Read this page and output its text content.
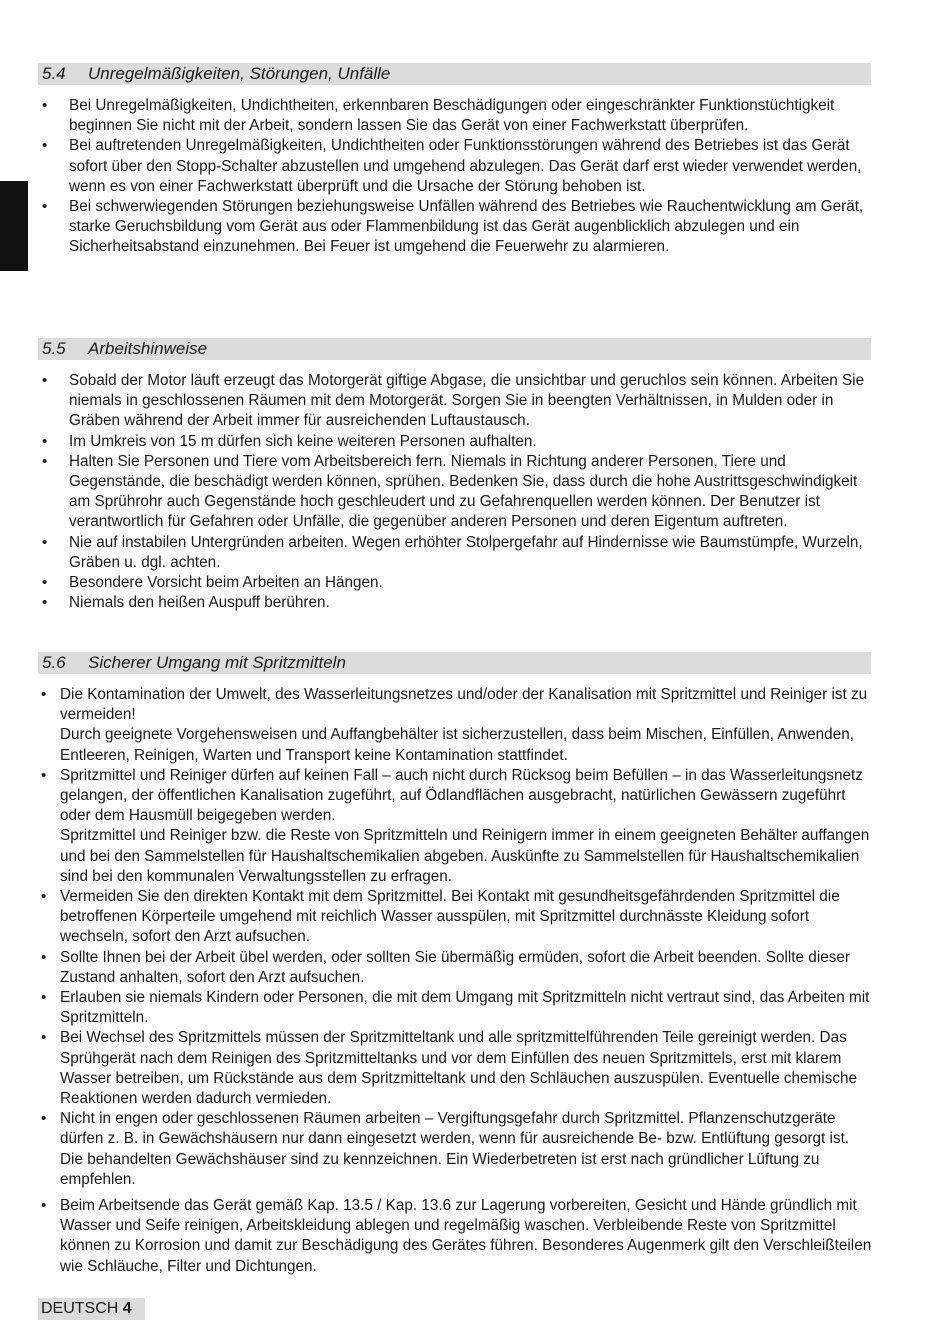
5.4 Unregelmäßigkeiten, Störungen, Unfälle
• Bei Unregelmäßigkeiten, Undichtheiten, erkennbaren Beschädigungen oder eingeschränkter Funktionstüchtigkeit beginnen Sie nicht mit der Arbeit, sondern lassen Sie das Gerät von einer Fachwerkstatt überprüfen.
• Bei auftretenden Unregelmäßigkeiten, Undichtheiten oder Funktionsstörungen während des Betriebes ist das Gerät sofort über den Stopp-Schalter abzustellen und umgehend abzulegen. Das Gerät darf erst wieder verwendet werden, wenn es von einer Fachwerkstatt überprüft und die Ursache der Störung behoben ist.
• Bei schwerwiegenden Störungen beziehungsweise Unfällen während des Betriebes wie Rauchentwicklung am Gerät, starke Geruchsbildung vom Gerät aus oder Flammenbildung ist das Gerät augenblicklich abzulegen und ein Sicherheitsabstand einzunehmen. Bei Feuer ist umgehend die Feuerwehr zu alarmieren.
5.5 Arbeitshinweise
• Sobald der Motor läuft erzeugt das Motorgerät giftige Abgase, die unsichtbar und geruchlos sein können. Arbeiten Sie niemals in geschlossenen Räumen mit dem Motorgerät. Sorgen Sie in beengten Verhältnissen, in Mulden oder in Gräben während der Arbeit immer für ausreichenden Luftaustausch.
• Im Umkreis von 15 m dürfen sich keine weiteren Personen aufhalten.
• Halten Sie Personen und Tiere vom Arbeitsbereich fern. Niemals in Richtung anderer Personen, Tiere und Gegenstände, die beschädigt werden können, sprühen. Bedenken Sie, dass durch die hohe Austrittsgeschwindigkeit am Sprührohr auch Gegenstände hoch geschleudert und zu Gefahrenquellen werden können. Der Benutzer ist verantwortlich für Gefahren oder Unfälle, die gegenüber anderen Personen und deren Eigentum auftreten.
• Nie auf instabilen Untergründen arbeiten. Wegen erhöhter Stolpergefahr auf Hindernisse wie Baumstümpfe, Wurzeln, Gräben u. dgl. achten.
• Besondere Vorsicht beim Arbeiten an Hängen.
• Niemals den heißen Auspuff berühren.
5.6 Sicherer Umgang mit Spritzmitteln
• Die Kontamination der Umwelt, des Wasserleitungsnetzes und/oder der Kanalisation mit Spritzmittel und Reiniger ist zu vermeiden!
Durch geeignete Vorgehensweisen und Auffangbehälter ist sicherzustellen, dass beim Mischen, Einfüllen, Anwenden, Entleeren, Reinigen, Warten und Transport keine Kontamination stattfindet.
• Spritzmittel und Reiniger dürfen auf keinen Fall – auch nicht durch Rücksog beim Befüllen – in das Wasserleitungsnetz gelangen, der öffentlichen Kanalisation zugeführt, auf Ödlandflächen ausgebracht, natürlichen Gewässern zugeführt oder dem Hausmüll beigegeben werden.
Spritzmittel und Reiniger bzw. die Reste von Spritzmitteln und Reinigern immer in einem geeigneten Behälter auffangen und bei den Sammelstellen für Haushaltschemikalien abgeben. Auskünfte zu Sammelstellen für Haushaltschemikalien sind bei den kommunalen Verwaltungsstellen zu erfragen.
• Vermeiden Sie den direkten Kontakt mit dem Spritzmittel. Bei Kontakt mit gesundheitsgefährdenden Spritzmittel die betroffenen Körperteile umgehend mit reichlich Wasser ausspülen, mit Spritzmittel durchnässte Kleidung sofort wechseln, sofort den Arzt aufsuchen.
• Sollte Ihnen bei der Arbeit übel werden, oder sollten Sie übermäßig ermüden, sofort die Arbeit beenden. Sollte dieser Zustand anhalten, sofort den Arzt aufsuchen.
• Erlauben sie niemals Kindern oder Personen, die mit dem Umgang mit Spritzmitteln nicht vertraut sind, das Arbeiten mit Spritzmitteln.
• Bei Wechsel des Spritzmittels müssen der Spritzmitteltank und alle spritzmittelführenden Teile gereinigt werden. Das Sprühgerät nach dem Reinigen des Spritzmitteltanks und vor dem Einfüllen des neuen Spritzmittels, erst mit klarem Wasser betreiben, um Rückstände aus dem Spritzmitteltank und den Schläuchen auszuspülen. Eventuelle chemische Reaktionen werden dadurch vermieden.
• Nicht in engen oder geschlossenen Räumen arbeiten – Vergiftungsgefahr durch Spritzmittel. Pflanzenschutzgeräte dürfen z. B. in Gewächshäusern nur dann eingesetzt werden, wenn für ausreichende Be- bzw. Entlüftung gesorgt ist. Die behandelten Gewächshäuser sind zu kennzeichnen. Ein Wiederbetreten ist erst nach gründlicher Lüftung zu empfehlen.
• Beim Arbeitsende das Gerät gemäß Kap. 13.5 / Kap. 13.6 zur Lagerung vorbereiten, Gesicht und Hände gründlich mit Wasser und Seife reinigen, Arbeitskleidung ablegen und regelmäßig waschen. Verbleibende Reste von Spritzmittel können zu Korrosion und damit zur Beschädigung des Gerätes führen. Besonderes Augenmerk gilt den Verschleißteilen wie Schläuche, Filter und Dichtungen.
DEUTSCH 4
